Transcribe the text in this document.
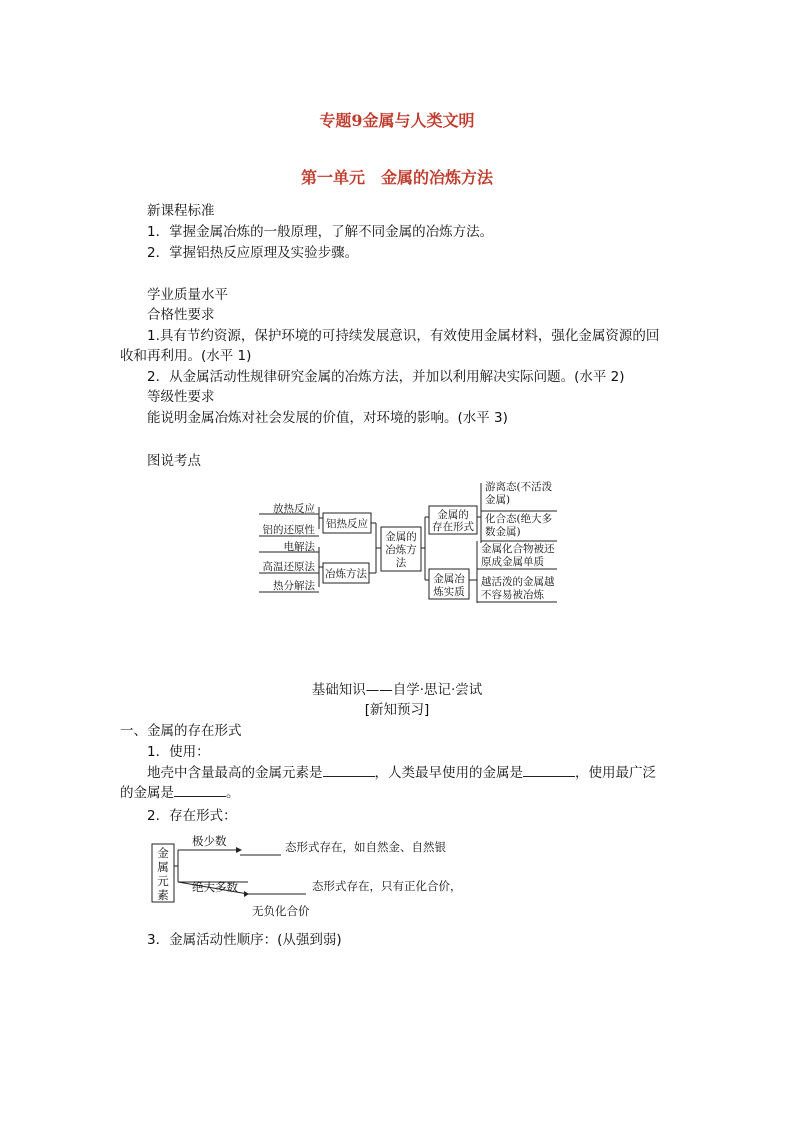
专题9金属与人类文明
第一单元　金属的冶炼方法
新课程标准
1．掌握金属冶炼的一般原理，了解不同金属的冶炼方法。
2．掌握铝热反应原理及实验步骤。
学业质量水平
合格性要求
1.具有节约资源，保护环境的可持续发展意识，有效使用金属材料，强化金属资源的回
收和再利用。(水平 1)
2．从金属活动性规律研究金属的冶炼方法，并加以利用解决实际问题。(水平 2)
等级性要求
能说明金属冶炼对社会发展的价值，对环境的影响。(水平 3)
图说考点
放热反应
铝的还原性
电解法
高温还原法
热分解法
铝热反应
冶炼方法
金属的
冶炼方
法
金属的
存在形式
金属冶
炼实质
游离态(不活泼
金属)
化合态(绝大多
数金属)
金属化合物被还
原成金属单质
越活泼的金属越
不容易被冶炼
基础知识——自学·思记·尝试
[新知预习]
一、金属的存在形式
1．使用：
地壳中含量最高的金属元素是	，人类最早使用的金属是	，使用最广泛
的金属是	。
2．存在形式：
金
属
元
素
极少数	态形式存在，如自然金、自然银
绝大多数	态形式存在，只有正化合价，
无负化合价
3．金属活动性顺序：(从强到弱)
